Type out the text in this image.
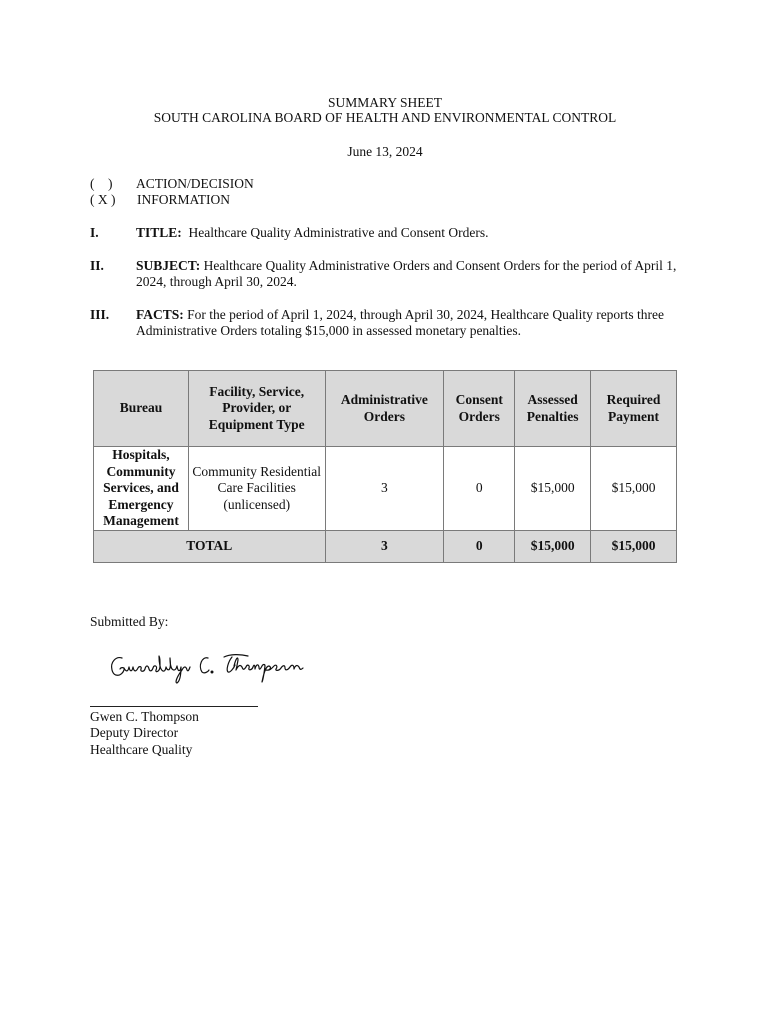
SUMMARY SHEET
SOUTH CAROLINA BOARD OF HEALTH AND ENVIRONMENTAL CONTROL
June 13, 2024
(    )	ACTION/DECISION
( X )	INFORMATION
I.	TITLE: Healthcare Quality Administrative and Consent Orders.
II. SUBJECT: Healthcare Quality Administrative Orders and Consent Orders for the period of April 1, 2024, through April 30, 2024.
III. FACTS: For the period of April 1, 2024, through April 30, 2024, Healthcare Quality reports three Administrative Orders totaling $15,000 in assessed monetary penalties.
Bureau	Facility, Service, Provider, or Equipment Type	Administrative Orders	Consent Orders	Assessed Penalties	Required Payment
Hospitals, Community Services, and Emergency Management	Community Residential Care Facilities (unlicensed)	3	0	$15,000	$15,000
TOTAL		3	0	$15,000	$15,000
Submitted By:
Gwen C. Thompson
Deputy Director
Healthcare Quality
